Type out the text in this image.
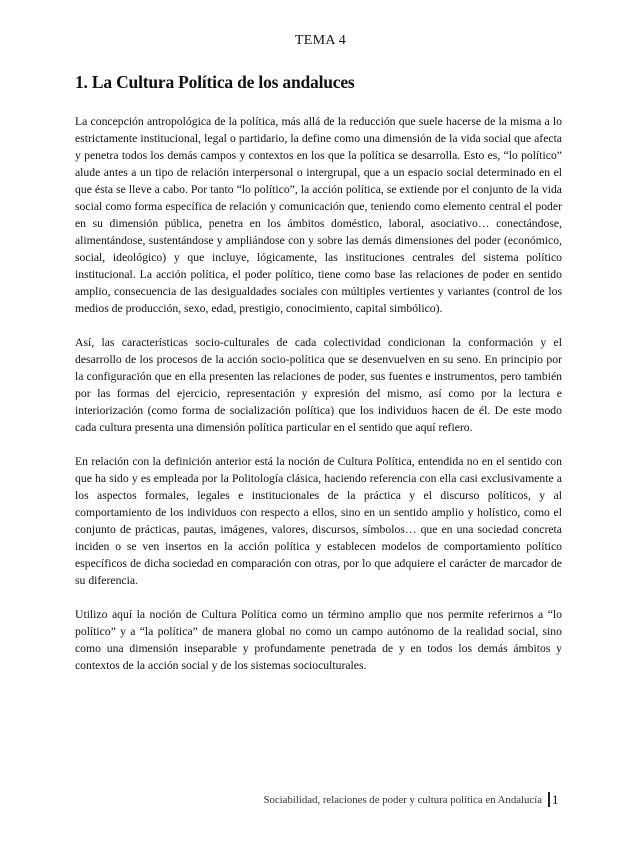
TEMA 4
1. La Cultura Política de los andaluces

La concepción antropológica de la política, más allá de la reducción que suele hacerse de la misma a lo estrictamente institucional, legal o partidario, la define como una dimensión de la vida social que afecta y penetra todos los demás campos y contextos en los que la política se desarrolla. Esto es, “lo político” alude antes a un tipo de relación interpersonal o intergrupal, que a un espacio social determinado en el que ésta se lleve a cabo. Por tanto “lo político”, la acción política, se extiende por el conjunto de la vida social como forma específica de relación y comunicación que, teniendo como elemento central el poder en su dimensión pública, penetra en los ámbitos doméstico, laboral, asociativo… conectándose, alimentándose, sustentándose y ampliándose con y sobre las demás dimensiones del poder (económico, social, ideológico) y que incluye, lógicamente, las instituciones centrales del sistema político institucional. La acción política, el poder político, tiene como base las relaciones de poder en sentido amplio, consecuencia de las desigualdades sociales con múltiples vertientes y variantes (control de los medios de producción, sexo, edad, prestigio, conocimiento, capital simbólico).

Así, las características socio-culturales de cada colectividad condicionan la conformación y el desarrollo de los procesos de la acción socio-política que se desenvuelven en su seno. En principio por la configuración que en ella presenten las relaciones de poder, sus fuentes e instrumentos, pero también por las formas del ejercicio, representación y expresión del mismo, así como por la lectura e interiorización (como forma de socialización política) que los individuos hacen de él. De este modo cada cultura presenta una dimensión política particular en el sentido que aquí refiero.

En relación con la definición anterior está la noción de Cultura Política, entendida no en el sentido con que ha sido y es empleada por la Politología clásica, haciendo referencia con ella casi exclusivamente a los aspectos formales, legales e institucionales de la práctica y el discurso políticos, y al comportamiento de los individuos con respecto a ellos, sino en un sentido amplio y holístico, como el conjunto de prácticas, pautas, imágenes, valores, discursos, símbolos… que en una sociedad concreta inciden o se ven insertos en la acción política y establecen modelos de comportamiento político específicos de dicha sociedad en comparación con otras, por lo que adquiere el carácter de marcador de su diferencia.

Utilizo aquí la noción de Cultura Política como un término amplio que nos permite referirnos a “lo político” y a “la política” de manera global no como un campo autónomo de la realidad social, sino como una dimensión inseparable y profundamente penetrada de y en todos los demás ámbitos y contextos de la acción social y de los sistemas socioculturales.

Sociabilidad, relaciones de poder y cultura política en Andalucía 1
